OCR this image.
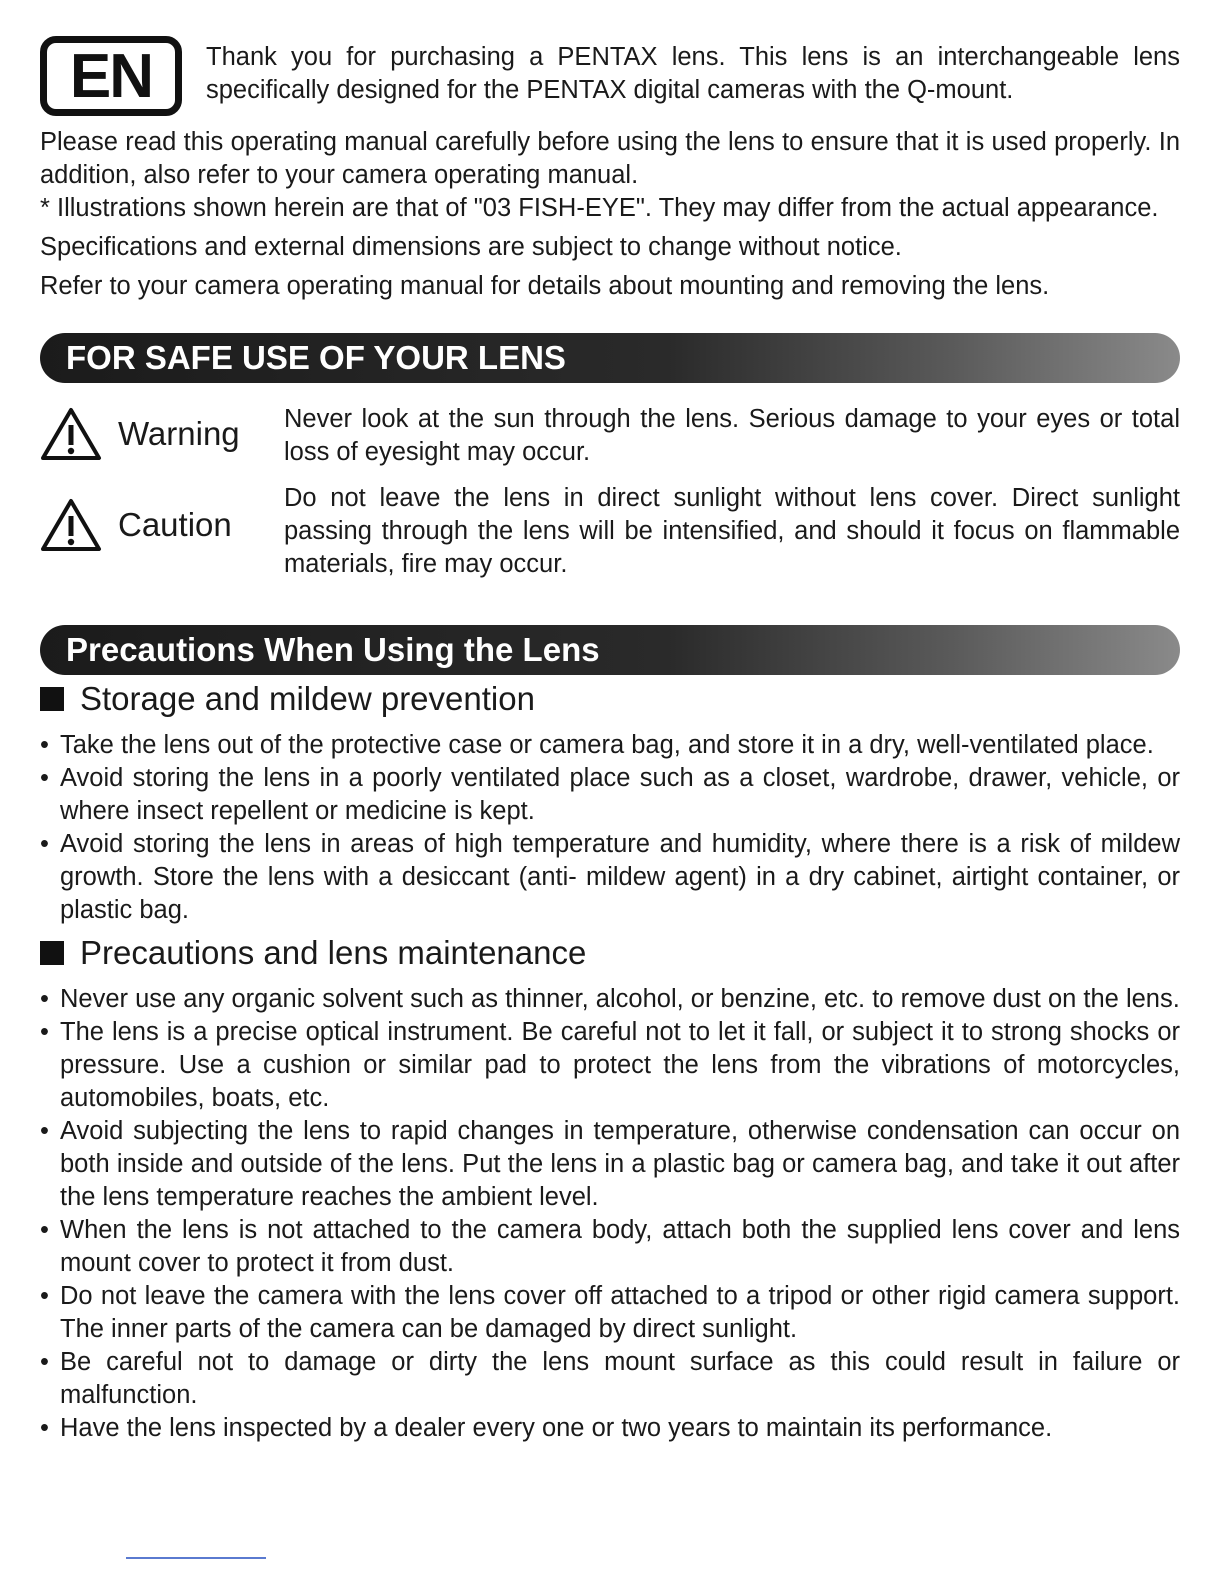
EN	Thank you for purchasing a PENTAX lens. This lens is an interchangeable lens specifically designed for the PENTAX digital cameras with the Q-mount.

Please read this operating manual carefully before using the lens to ensure that it is used properly. In addition, also refer to your camera operating manual.

* Illustrations shown herein are that of "03 FISH-EYE". They may differ from the actual appearance.

Specifications and external dimensions are subject to change without notice.

Refer to your camera operating manual for details about mounting and removing the lens.

FOR SAFE USE OF YOUR LENS
Warning Never look at the sun through the lens. Serious damage to your eyes or total loss of eyesight may occur.

Caution

Do not leave the lens in direct sunlight without lens cover. Direct sunlight passing through the lens will be intensified, and should it focus on flammable materials, fire may occur.

Precautions When Using the Lens
Storage and mildew prevention

• Take the lens out of the protective case or camera bag, and store it in a dry, well-ventilated place.

• Avoid storing the lens in a poorly ventilated place such as a closet, wardrobe, drawer, vehicle, or where insect repellent or medicine is kept.

• Avoid storing the lens in areas of high temperature and humidity, where there is a risk of mildew growth. Store the lens with a desiccant (anti- mildew agent) in a dry cabinet, airtight container, or plastic bag.

Precautions and lens maintenance

• Never use any organic solvent such as thinner, alcohol, or benzine, etc. to remove dust on the lens.

• The lens is a precise optical instrument. Be careful not to let it fall, or subject it to strong shocks or pressure. Use a cushion or similar pad to protect the lens from the vibrations of motorcycles, automobiles, boats, etc.

• Avoid subjecting the lens to rapid changes in temperature, otherwise condensation can occur on both inside and outside of the lens. Put the lens in a plastic bag or camera bag, and take it out after the lens temperature reaches the ambient level.

• When the lens is not attached to the camera body, attach both the supplied lens cover and lens mount cover to protect it from dust.

• Do not leave the camera with the lens cover off attached to a tripod or other rigid camera support. The inner parts of the camera can be damaged by direct sunlight.

• Be careful not to damage or dirty the lens mount surface as this could result in failure or malfunction.

• Have the lens inspected by a dealer every one or two years to maintain its performance.
